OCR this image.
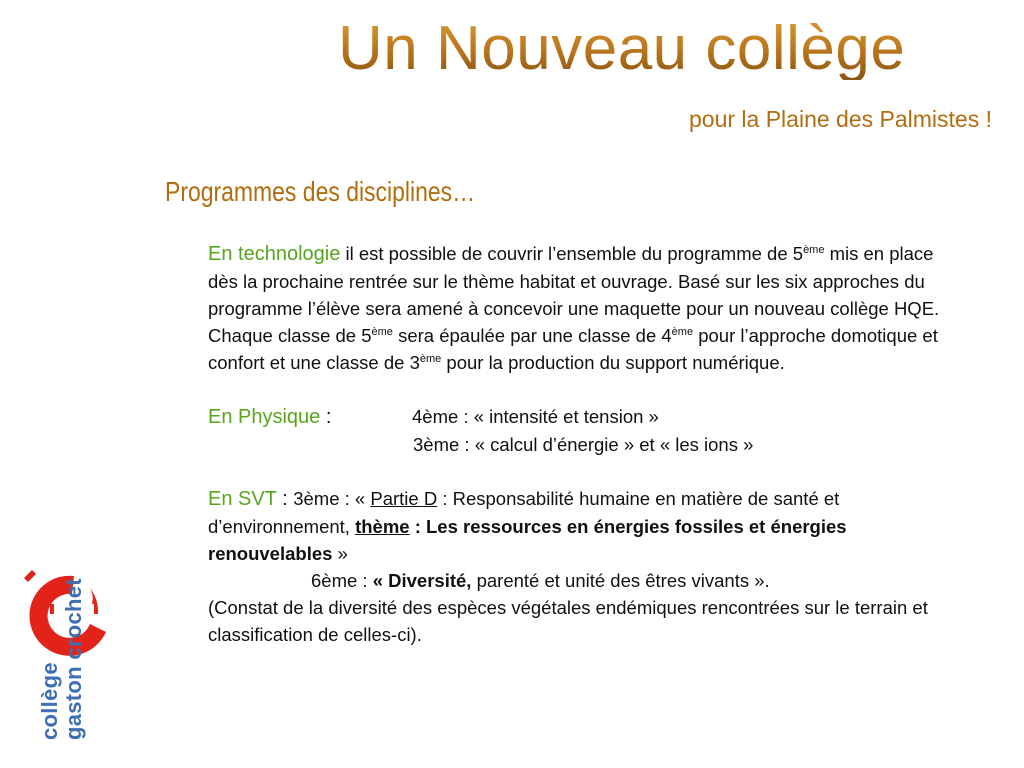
Un Nouveau collège

pour la Plaine des Palmistes !

Programmes des disciplines…

En technologie il est possible de couvrir l’ensemble du programme de 5ème mis en place dès la prochaine rentrée sur le thème habitat et ouvrage. Basé sur les six approches du programme l’élève sera amené à concevoir une maquette pour un nouveau collège HQE. Chaque classe de 5ème sera épaulée par une classe de 4ème pour l’approche domotique et confort et une classe de 3ème pour la production du support numérique.

En Physique :	4ème : « intensité et tension »

3ème : « calcul d’énergie » et « les ions »

En SVT : 3ème : « Partie D : Responsabilité humaine en matière de santé et d’environnement, thème : Les ressources en énergies fossiles et énergies renouvelables »

6ème : « Diversité, parenté et unité des êtres vivants ».

(Constat de la diversité des espèces végétales endémiques rencontrées sur le terrain et classification de celles-ci).

collège gaston crochet
